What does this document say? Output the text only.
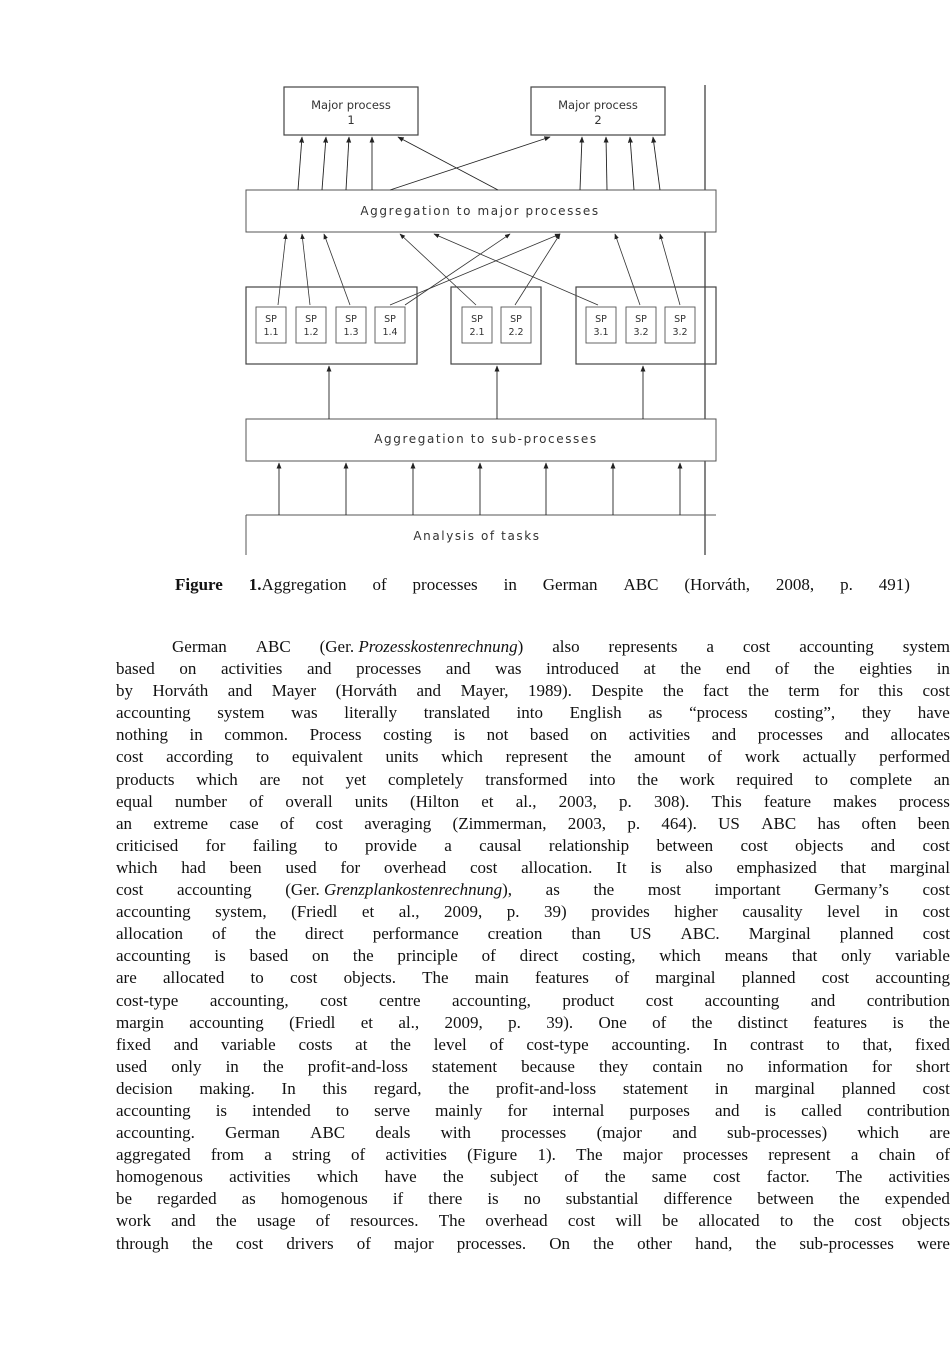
Major process
1
Major process
2
Aggregation to major processes
SP
1.1
SP
1.2
SP
1.3
SP
1.4
SP
2.1
SP
2.2
SP
3.1
SP
3.2
SP
3.2
Aggregation to sub-processes
Analysis of tasks
Figure 1.Aggregation of processes in German ABC (Horváth, 2008, p. 491)
German ABC (Ger. Prozesskostenrechnung) also represents a cost accounting system
based on activities and processes and was introduced at the end of the eighties in
by Horváth and Mayer (Horváth and Mayer, 1989). Despite the fact the term for this cost
accounting system was literally translated into English as “process costing”, they have
nothing in common. Process costing is not based on activities and processes and allocates
cost according to equivalent units which represent the amount of work actually performed
products which are not yet completely transformed into the work required to complete an
equal number of overall units (Hilton et al., 2003, p. 308). This feature makes process
an extreme case of cost averaging (Zimmerman, 2003, p. 464). US ABC has often been
criticised for failing to provide a causal relationship between cost objects and cost
which had been used for overhead cost allocation. It is also emphasized that marginal
cost accounting (Ger. Grenzplankostenrechnung), as the most important Germany’s cost
accounting system, (Friedl et al., 2009, p. 39) provides higher causality level in cost
allocation of the direct performance creation than US ABC. Marginal planned cost
accounting is based on the principle of direct costing, which means that only variable
are allocated to cost objects. The main features of marginal planned cost accounting
cost-type accounting, cost centre accounting, product cost accounting and contribution
margin accounting (Friedl et al., 2009, p. 39). One of the distinct features is the
fixed and variable costs at the level of cost-type accounting. In contrast to that, fixed
used only in the profit-and-loss statement because they contain no information for short
decision making. In this regard, the profit-and-loss statement in marginal planned cost
accounting is intended to serve mainly for internal purposes and is called contribution
accounting. German ABC deals with processes (major and sub-processes) which are
aggregated from a string of activities (Figure 1). The major processes represent a chain of
homogenous activities which have the subject of the same cost factor. The activities
be regarded as homogenous if there is no substantial difference between the expended
work and the usage of resources. The overhead cost will be allocated to the cost objects
through the cost drivers of major processes. On the other hand, the sub-processes were
